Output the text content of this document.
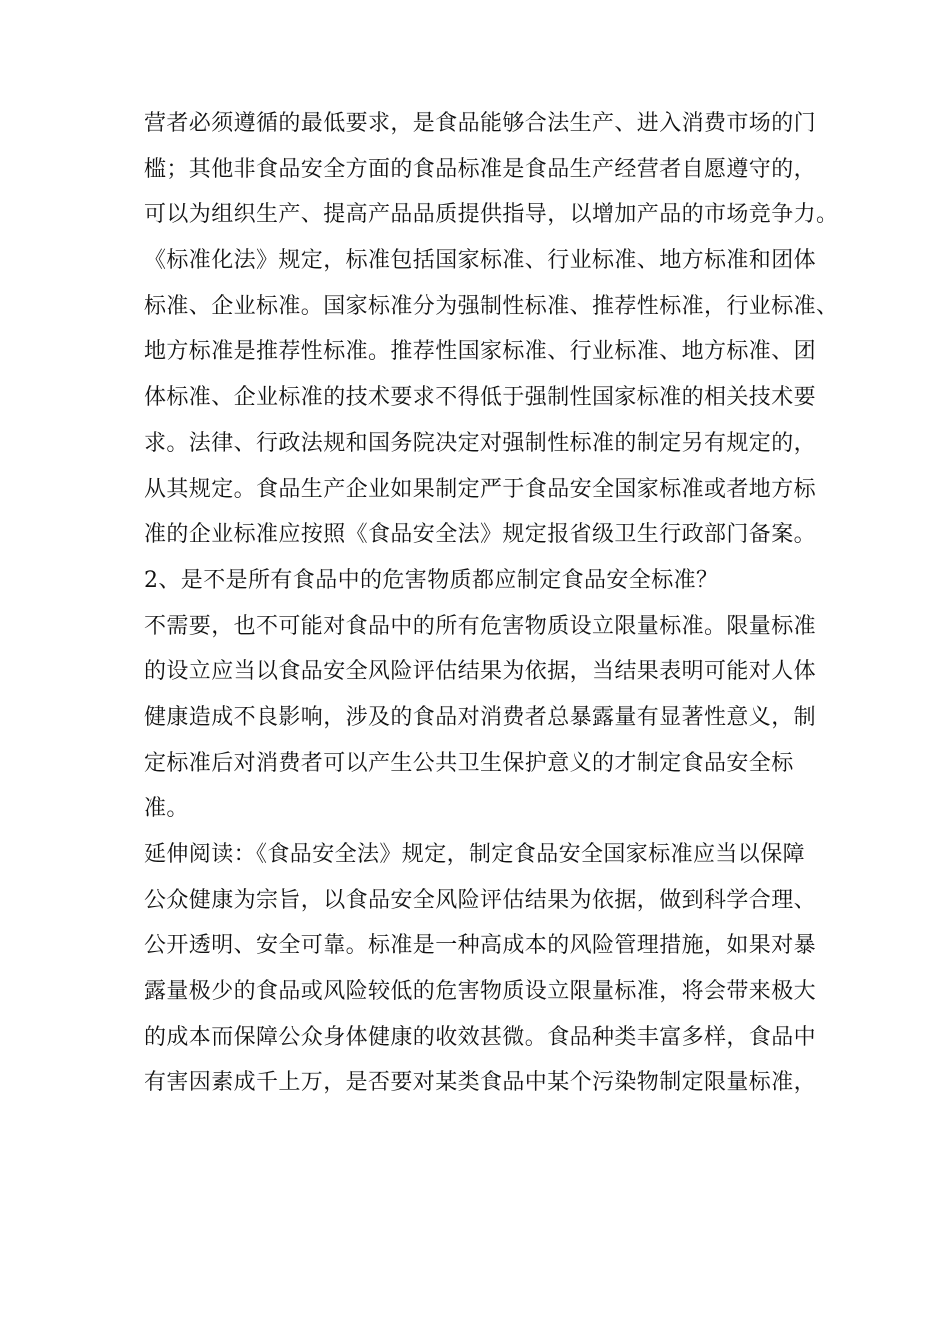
营者必须遵循的最低要求，是食品能够合法生产、进入消费市场的门
槛；其他非食品安全方面的食品标准是食品生产经营者自愿遵守的，
可以为组织生产、提高产品品质提供指导，以增加产品的市场竞争力。
《标准化法》规定，标准包括国家标准、行业标准、地方标准和团体
标准、企业标准。国家标准分为强制性标准、推荐性标准，行业标准、
地方标准是推荐性标准。推荐性国家标准、行业标准、地方标准、团
体标准、企业标准的技术要求不得低于强制性国家标准的相关技术要
求。法律、行政法规和国务院决定对强制性标准的制定另有规定的，
从其规定。食品生产企业如果制定严于食品安全国家标准或者地方标
准的企业标准应按照《食品安全法》规定报省级卫生行政部门备案。
2、是不是所有食品中的危害物质都应制定食品安全标准？
不需要，也不可能对食品中的所有危害物质设立限量标准。限量标准
的设立应当以食品安全风险评估结果为依据，当结果表明可能对人体
健康造成不良影响，涉及的食品对消费者总暴露量有显著性意义，制
定标准后对消费者可以产生公共卫生保护意义的才制定食品安全标
准。
延伸阅读：《食品安全法》规定，制定食品安全国家标准应当以保障
公众健康为宗旨，以食品安全风险评估结果为依据，做到科学合理、
公开透明、安全可靠。标准是一种高成本的风险管理措施，如果对暴
露量极少的食品或风险较低的危害物质设立限量标准，将会带来极大
的成本而保障公众身体健康的收效甚微。食品种类丰富多样，食品中
有害因素成千上万，是否要对某类食品中某个污染物制定限量标准，
